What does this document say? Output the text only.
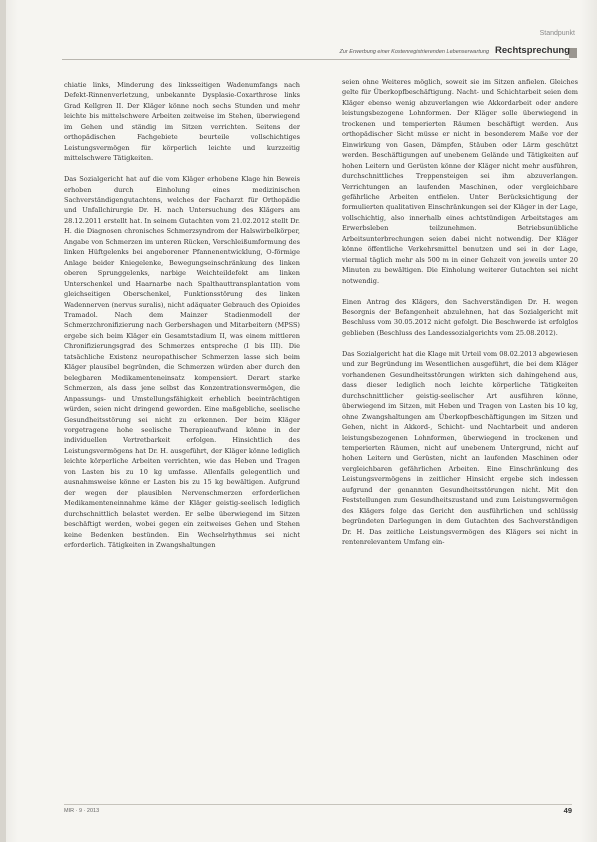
Standpunkt
Zur Erwerbung einer Kostenregistrierenden Lebenserwartung Rechtsprechung

chiatie links, Minderung des linksseitigen Wadenumfangs nach Defekt-Rinnenverletzung, unbekannte Dysplasie-Coxarthrose links Grad Kellgren II. Der Kläger könne noch sechs Stunden und mehr leichte bis mittelschwere Arbeiten zeitweise im Stehen, überwiegend im Gehen und ständig im Sitzen verrichten. Seitens der orthopädischen Fachgebiete beurteile vollschichtiges Leistungsvermögen für körperlich leichte und kurzzeitig mittelschwere Tätigkeiten.

Das Sozialgericht hat auf die vom Kläger erhobene Klage hin Beweis erhoben durch Einholung eines medizinischen Sachverständigengutachtens, welches der Facharzt für Orthopädie und Unfallchirurgie Dr. H. nach Untersuchung des Klägers am 28.12.2011 erstellt hat. In seinem Gutachten vom 21.02.2012 stellt Dr. H. die Diagnosen chronisches Schmerzsyndrom der Halswirbelkörper, Angabe von Schmerzen im unteren Rücken, Verschleißumformung des linken Hüftgelenks bei angeborener Pfannenentwicklung, O-förmige Anlage beider Kniegelenke, Bewegungseinschränkung des linken oberen Sprunggelenks, narbige Weichteildefekt am linken Unterschenkel und Haarnarbe nach Spalthauttransplantation vom gleichseitigen Oberschenkel, Funktionsstörung des linken Wadennerven (nervus suralis), nicht adäquater Gebrauch des Opioides Tramadol. Nach dem Mainzer Stadienmodell der Schmerzchronifizierung nach Gerbershagen und Mitarbeitern (MPSS) ergebe sich beim Kläger ein Gesamtstadium II, was einem mittleren Chronifizierungsgrad des Schmerzes entspreche (I bis III). Die tatsächliche Existenz neuropathischer Schmerzen lasse sich beim Kläger plausibel begründen, die Schmerzen würden aber durch den belegbaren Medikamenteneinsatz kompensiert. Derart starke Schmerzen, als dass jene selbst das Konzentrationsvermögen, die Anpassungs- und Umstellungsfähigkeit erheblich beeinträchtigen würden, seien nicht dringend geworden. Eine maßgebliche, seelische Gesundheitsstörung sei nicht zu erkennen. Der beim Kläger vorgetragene hohe seelische Therapieaufwand könne in der individuellen Vertretbarkeit erfolgen. Hinsichtlich des Leistungsvermögens hat Dr. H. ausgeführt, der Kläger könne lediglich leichte körperliche Arbeiten verrichten, wie das Heben und Tragen von Lasten bis zu 10 kg umfasse. Allenfalls gelegentlich und ausnahmsweise könne er Lasten bis zu 15 kg bewältigen. Aufgrund der wegen der plausiblen Nervenschmerzen erforderlichen Medikamenteneinnahme käme der Kläger geistig-seelisch lediglich durchschnittlich belastet werden. Er selbe überwiegend im Sitzen beschäftigt werden, wobei gegen ein zeitweises Gehen und Stehen keine Bedenken bestünden. Ein Wechselrhythmus sei nicht erforderlich. Tätigkeiten in Zwangshaltungen

seien ohne Weiteres möglich, soweit sie im Sitzen anfielen. Gleiches gelte für Überkopfbeschäftigung. Nacht- und Schichtarbeit seien dem Kläger ebenso wenig abzuverlangen wie Akkordarbeit oder andere leistungsbezogene Lohnformen. Der Kläger solle überwiegend in trockenen und temperierten Räumen beschäftigt werden. Aus orthopädischer Sicht müsse er nicht in besonderem Maße vor der Einwirkung von Gasen, Dämpfen, Stäuben oder Lärm geschützt werden. Beschäftigungen auf unebenem Gelände und Tätigkeiten auf hohen Leitern und Gerüsten könne der Kläger nicht mehr ausführen, durchschnittliches Treppensteigen sei ihm abzuverlangen. Verrichtungen an laufenden Maschinen, oder vergleichbare gefährliche Arbeiten entfielen. Unter Berücksichtigung der formulierten qualitativen Einschränkungen sei der Kläger in der Lage, vollschichtig, also innerhalb eines achtstündigen Arbeitstages am Erwerbsleben teilzunehmen. Betriebsunübliche Arbeitsunterbrechungen seien dabei nicht notwendig. Der Kläger könne öffentliche Verkehrsmittel benutzen und sei in der Lage, viermal täglich mehr als 500 m in einer Gehzeit von jeweils unter 20 Minuten zu bewältigen. Die Einholung weiterer Gutachten sei nicht notwendig.

Einen Antrag des Klägers, den Sachverständigen Dr. H. wegen Besorgnis der Befangenheit abzulehnen, hat das Sozialgericht mit Beschluss vom 30.05.2012 nicht gefolgt. Die Beschwerde ist erfolglos geblieben (Beschluss des Landessozialgerichts vom 25.08.2012).

Das Sozialgericht hat die Klage mit Urteil vom 08.02.2013 abgewiesen und zur Begründung im Wesentlichen ausgeführt, die bei dem Kläger vorhandenen Gesundheitsstörungen wirkten sich dahingehend aus, dass dieser lediglich noch leichte körperliche Tätigkeiten durchschnittlicher geistig-seelischer Art ausführen könne, überwiegend im Sitzen, mit Heben und Tragen von Lasten bis 10 kg, ohne Zwangshaltungen am Überkopfbeschäftigungen im Sitzen und Gehen, nicht in Akkord-, Schicht- und Nachtarbeit und anderen leistungsbezogenen Lohnformen, überwiegend in trockenen und temperierten Räumen, nicht auf unebenem Untergrund, nicht auf hohen Leitern und Gerüsten, nicht an laufenden Maschinen oder vergleichbaren gefährlichen Arbeiten. Eine Einschränkung des Leistungsvermögens in zeitlicher Hinsicht ergebe sich indessen aufgrund der genannten Gesundheitsstörungen nicht. Mit den Feststellungen zum Gesundheitszustand und zum Leistungsvermögen des Klägers folge das Gericht den ausführlichen und schlüssig begründeten Darlegungen in dem Gutachten des Sachverständigen Dr. H. Das zeitliche Leistungsvermögen des Klägers sei nicht in rentenrelevantem Umfang ein-

MIR · 9 · 2013	49
